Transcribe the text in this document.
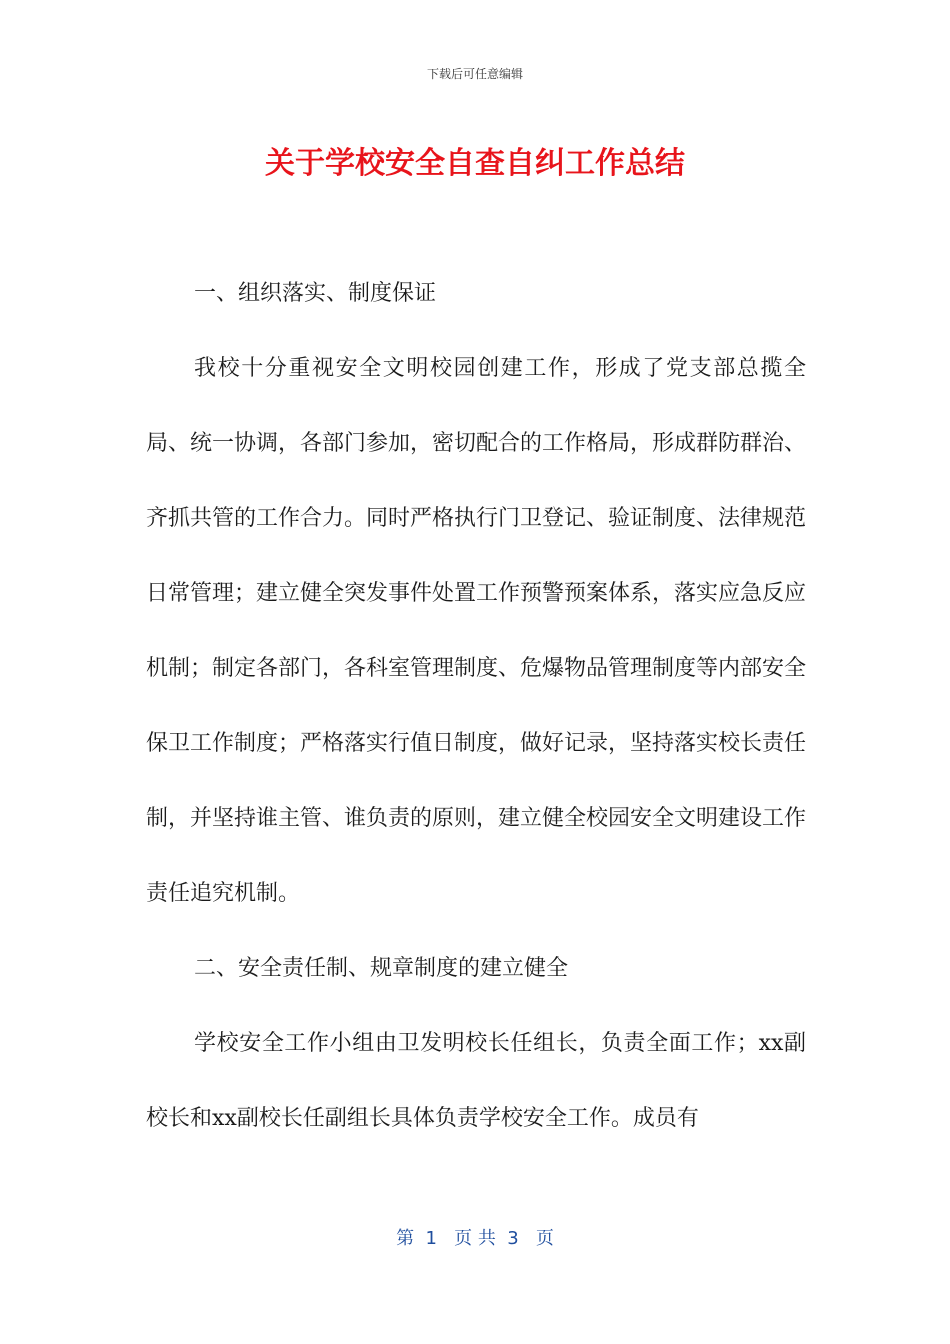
下载后可任意编辑
关于学校安全自查自纠工作总结

一、组织落实、制度保证

我校十分重视安全文明校园创建工作，形成了党支部总揽全局、统一协调，各部门参加，密切配合的工作格局，形成群防群治、齐抓共管的工作合力。同时严格执行门卫登记、验证制度、法律规范日常管理；建立健全突发事件处置工作预警预案体系，落实应急反应机制；制定各部门，各科室管理制度、危爆物品管理制度等内部安全保卫工作制度；严格落实行值日制度，做好记录，坚持落实校长责任制，并坚持谁主管、谁负责的原则，建立健全校园安全文明建设工作责任追究机制。

二、安全责任制、规章制度的建立健全

学校安全工作小组由卫发明校长任组长，负责全面工作；xx副校长和xx副校长任副组长具体负责学校安全工作。成员有

第  1   页 共  3   页
